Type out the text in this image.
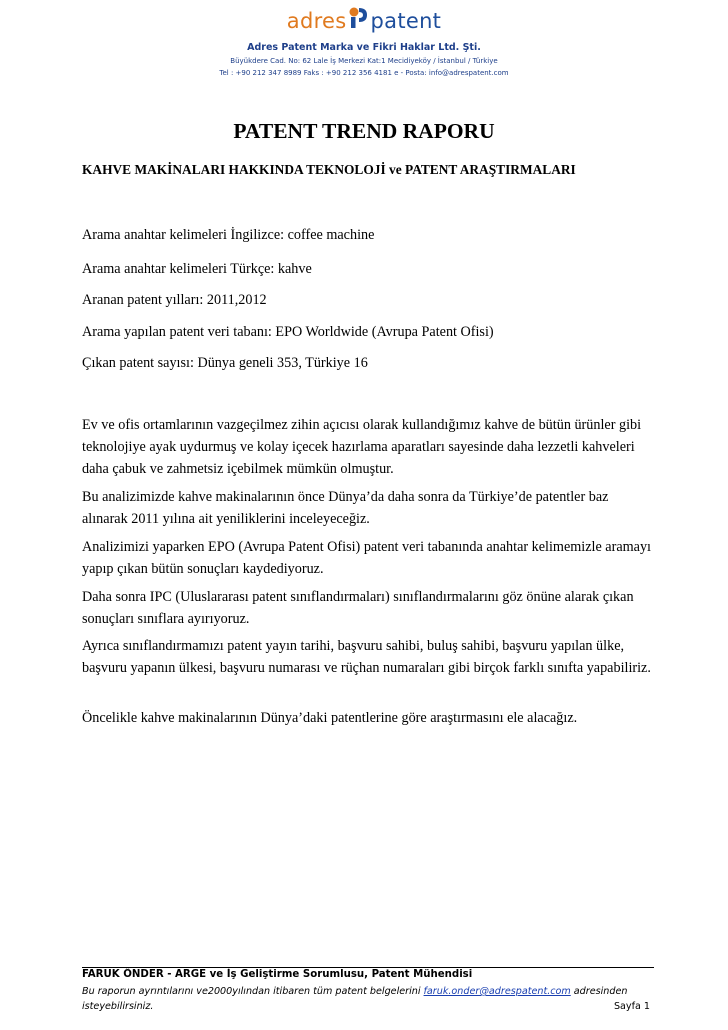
adres patent
Adres Patent Marka ve Fikri Haklar Ltd. Şti.
Büyükdere Cad. No: 62 Lale İş Merkezi Kat:1 Mecidiyeköy / İstanbul / Türkiye
Tel : +90 212 347 8989 Faks : +90 212 356 4181 e - Posta: info@adrespatent.com
PATENT TREND RAPORU
KAHVE MAKİNALARI HAKKINDA TEKNOLOJİ ve PATENT ARAŞTIRMALARI
Arama anahtar kelimeleri İngilizce: coffee machine
Arama anahtar kelimeleri Türkçe: kahve
Aranan patent yılları: 2011,2012
Arama yapılan patent veri tabanı: EPO Worldwide (Avrupa Patent Ofisi)
Çıkan patent sayısı: Dünya geneli 353, Türkiye 16
Ev ve ofis ortamlarının vazgeçilmez zihin açıcısı olarak kullandığımız kahve de bütün ürünler gibi teknolojiye ayak uydurmuş ve kolay içecek hazırlama aparatları sayesinde daha lezzetli kahveleri daha çabuk ve zahmetsiz içebilmek mümkün olmuştur.
Bu analizimizde kahve makinalarının önce Dünya’da daha sonra da Türkiye’de patentler baz alınarak 2011 yılına ait yeniliklerini inceleyeceğiz.
Analizimizi yaparken EPO (Avrupa Patent Ofisi) patent veri tabanında anahtar kelimemizle aramayı yapıp çıkan bütün sonuçları kaydediyoruz.
Daha sonra IPC (Uluslararası patent sınıflandırmaları) sınıflandırmalarını göz önüne alarak çıkan sonuçları sınıflara ayırıyoruz.
Ayrıca sınıflandırmamızı patent yayın tarihi, başvuru sahibi, buluş sahibi, başvuru yapılan ülke, başvuru yapanın ülkesi, başvuru numarası ve rüçhan numaraları gibi birçok farklı sınıfta yapabiliriz.
Öncelikle kahve makinalarının Dünya’daki patentlerine göre araştırmasını ele alacağız.
FARUK ÖNDER - ARGE ve İş Geliştirme Sorumlusu, Patent Mühendisi
Bu raporun ayrıntılarını ve2000yılından itibaren tüm patent belgelerini faruk.onder@adrespatent.com adresinden isteyebilirsiniz.	Sayfa 1
